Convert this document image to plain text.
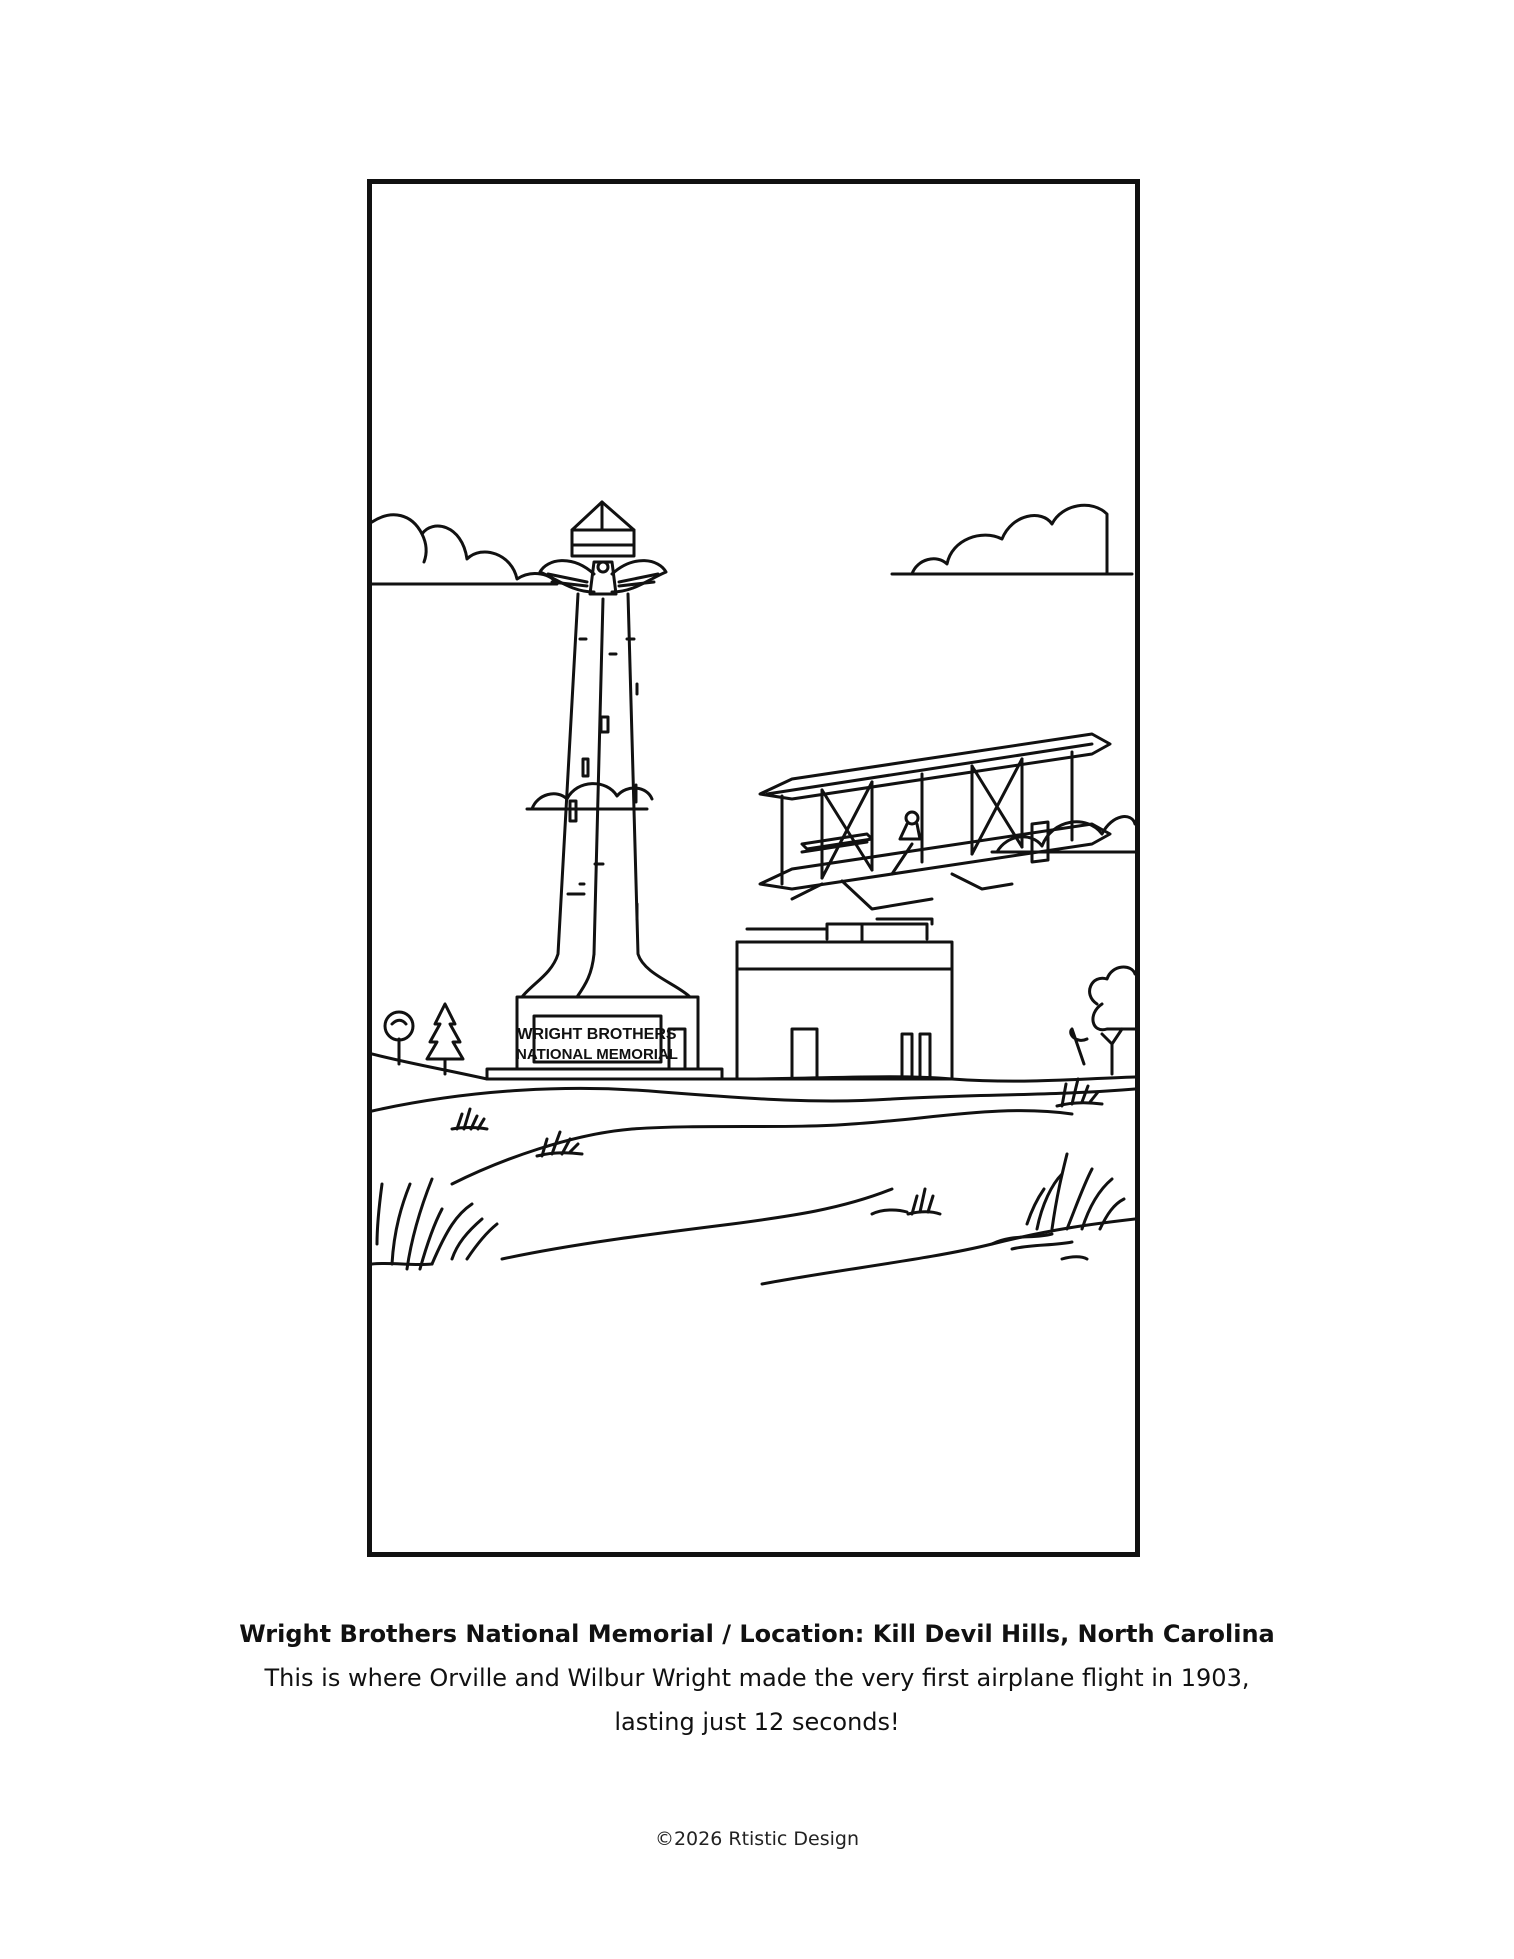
WRIGHT BROTHERS
NATIONAL MEMORIAL
Wright Brothers National Memorial / Location: Kill Devil Hills, North Carolina
This is where Orville and Wilbur Wright made the very first airplane flight in 1903,
lasting just 12 seconds!
©2026 Rtistic Design
